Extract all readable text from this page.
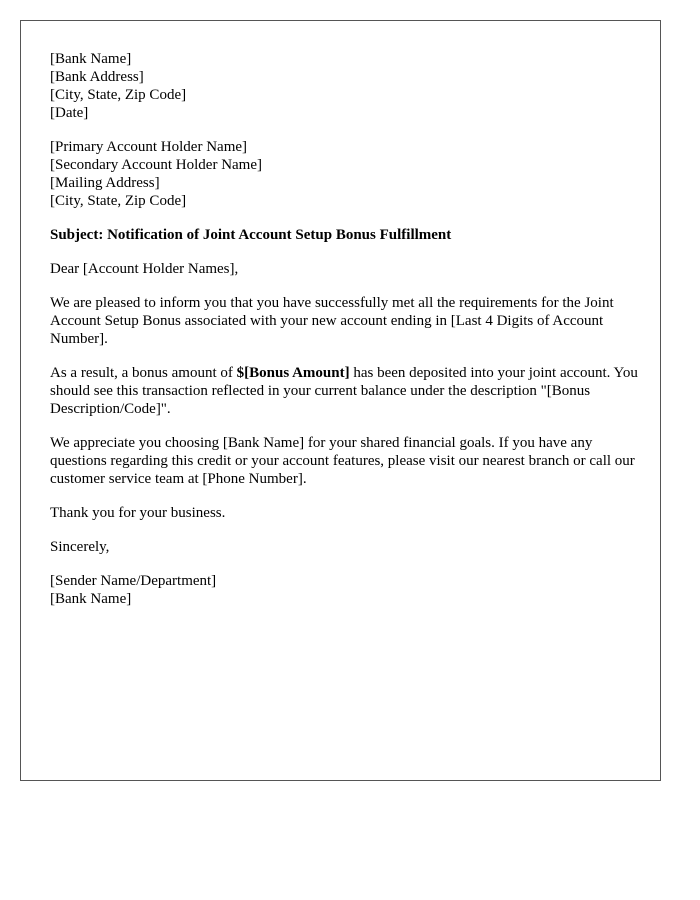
[Bank Name]
[Bank Address]
[City, State, Zip Code]
[Date]
[Primary Account Holder Name]
[Secondary Account Holder Name]
[Mailing Address]
[City, State, Zip Code]
Subject: Notification of Joint Account Setup Bonus Fulfillment
Dear [Account Holder Names],
We are pleased to inform you that you have successfully met all the requirements for the Joint Account Setup Bonus associated with your new account ending in [Last 4 Digits of Account Number].
As a result, a bonus amount of $[Bonus Amount] has been deposited into your joint account. You should see this transaction reflected in your current balance under the description "[Bonus Description/Code]".
We appreciate you choosing [Bank Name] for your shared financial goals. If you have any questions regarding this credit or your account features, please visit our nearest branch or call our customer service team at [Phone Number].
Thank you for your business.
Sincerely,
[Sender Name/Department]
[Bank Name]
